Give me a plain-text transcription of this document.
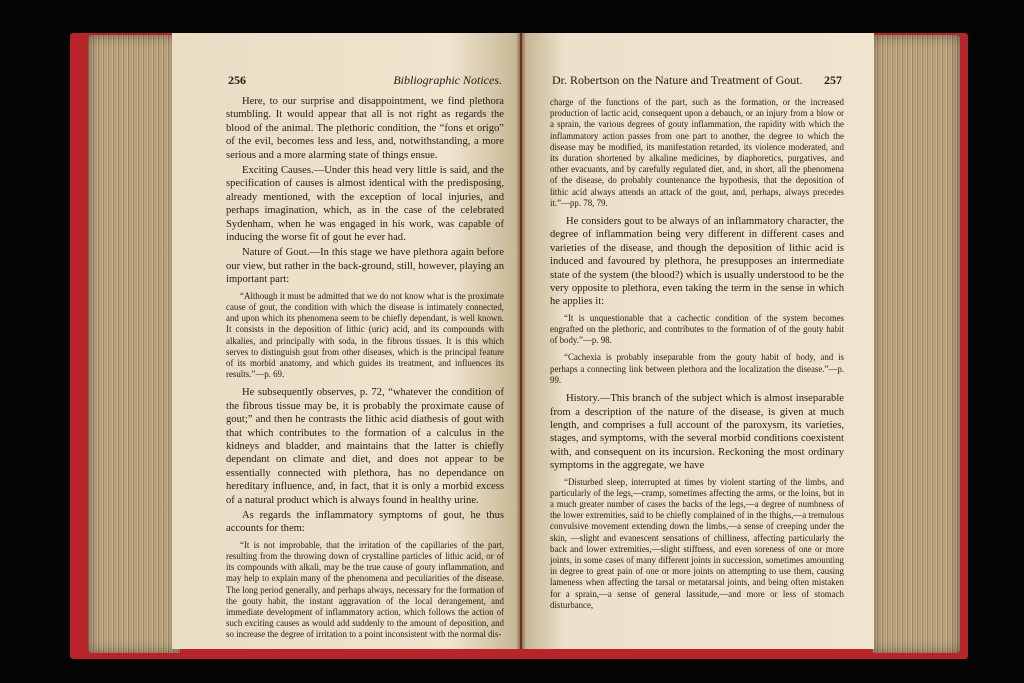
256	Bibliographic Notices.

Here, to our surprise and disappointment, we find plethora stumbling. It would appear that all is not right as regards the blood of the animal. The plethoric condition, the “fons et origo” of the evil, becomes less and less, and, notwithstanding, a more serious and a more alarming state of things ensue.

Exciting Causes.—Under this head very little is said, and the specification of causes is almost identical with the predisposing, already mentioned, with the exception of local injuries, and perhaps imagination, which, as in the case of the celebrated Sydenham, when he was engaged in his work, was capable of inducing the worse fit of gout he ever had.

Nature of Gout.—In this stage we have plethora again before our view, but rather in the back-ground, still, however, playing an important part:

“Although it must be admitted that we do not know what is the proximate cause of gout, the condition with which the disease is intimately connected, and upon which its phenomena seem to be chiefly dependant, is well known. It consists in the deposition of lithic (uric) acid, and its compounds with alkalies, and principally with soda, in the fibrous tissues. It is this which serves to distinguish gout from other diseases, which is the principal feature of its morbid anatomy, and which guides its treatment, and influences its results.”—p. 69.

He subsequently observes, p. 72, “whatever the condition of the fibrous tissue may be, it is probably the proximate cause of gout;” and then he contrasts the lithic acid diathesis of gout with that which contributes to the formation of a calculus in the kidneys and bladder, and maintains that the latter is chiefly dependant on climate and diet, and does not appear to be essentially connected with plethora, has no dependance on hereditary influence, and, in fact, that it is only a morbid excess of a natural product which is always found in healthy urine.

As regards the inflammatory symptoms of gout, he thus accounts for them:

“It is not improbable, that the irritation of the capillaries of the part, resulting from the throwing down of crystalline particles of lithic acid, or of its compounds with alkali, may be the true cause of gouty inflammation, and may help to explain many of the phenomena and peculiarities of the disease. The long period generally, and perhaps always, necessary for the formation of the gouty habit, the instant aggravation of the local derangement, and immediate development of inflammatory action, which follows the action of such exciting causes as would add suddenly to the amount of deposition, and so increase the degree of irritation to a point inconsistent with the normal dis-

Dr. Robertson on the Nature and Treatment of Gout. 257

charge of the functions of the part, such as the formation, or the increased production of lactic acid, consequent upon a debauch, or an injury from a blow or a sprain, the various degrees of gouty inflammation, the rapidity with which the inflammatory action passes from one part to another, the degree to which the disease may be modified, its manifestation retarded, its violence moderated, and its duration shortened by alkaline medicines, by diaphoretics, purgatives, and other evacuants, and by carefully regulated diet, and, in short, all the phenomena of the disease, do probably countenance the hypothesis, that the deposition of lithic acid always attends an attack of the gout, and, perhaps, always precedes it.”—pp. 78, 79.

He considers gout to be always of an inflammatory character, the degree of inflammation being very different in different cases and varieties of the disease, and though the deposition of lithic acid is induced and favoured by plethora, he presupposes an intermediate state of the system (the blood?) which is usually understood to be the very opposite to plethora, even taking the term in the sense in which he applies it:

“It is unquestionable that a cachectic condition of the system becomes engrafted on the plethoric, and contributes to the formation of of the gouty habit of body.”—p. 98.

“Cachexia is probably inseparable from the gouty habit of body, and is perhaps a connecting link between plethora and the localization the disease.”—p. 99.

History.—This branch of the subject which is almost inseparable from a description of the nature of the disease, is given at much length, and comprises a full account of the paroxysm, its varieties, stages, and symptoms, with the several morbid conditions coexistent with, and consequent on its incursion. Reckoning the most ordinary symptoms in the aggregate, we have

“Disturbed sleep, interrupted at times by violent starting of the limbs, and particularly of the legs,—cramp, sometimes affecting the arms, or the loins, but in a much greater number of cases the backs of the legs,—a degree of numbness of the lower extremities, said to be chiefly complained of in the thighs,—a tremulous convulsive movement extending down the limbs,—a sense of creeping under the skin, —slight and evanescent sensations of chilliness, affecting particularly the back and lower extremities,—slight stiffness, and even soreness of one or more joints, in some cases of many different joints in succession, sometimes amounting in degree to great pain of one or more joints on attempting to use them, causing lameness when affecting the tarsal or metatarsal joints, and being often mistaken for a sprain,—a sense of general lassitude,—and more or less of stomach disturbance,
